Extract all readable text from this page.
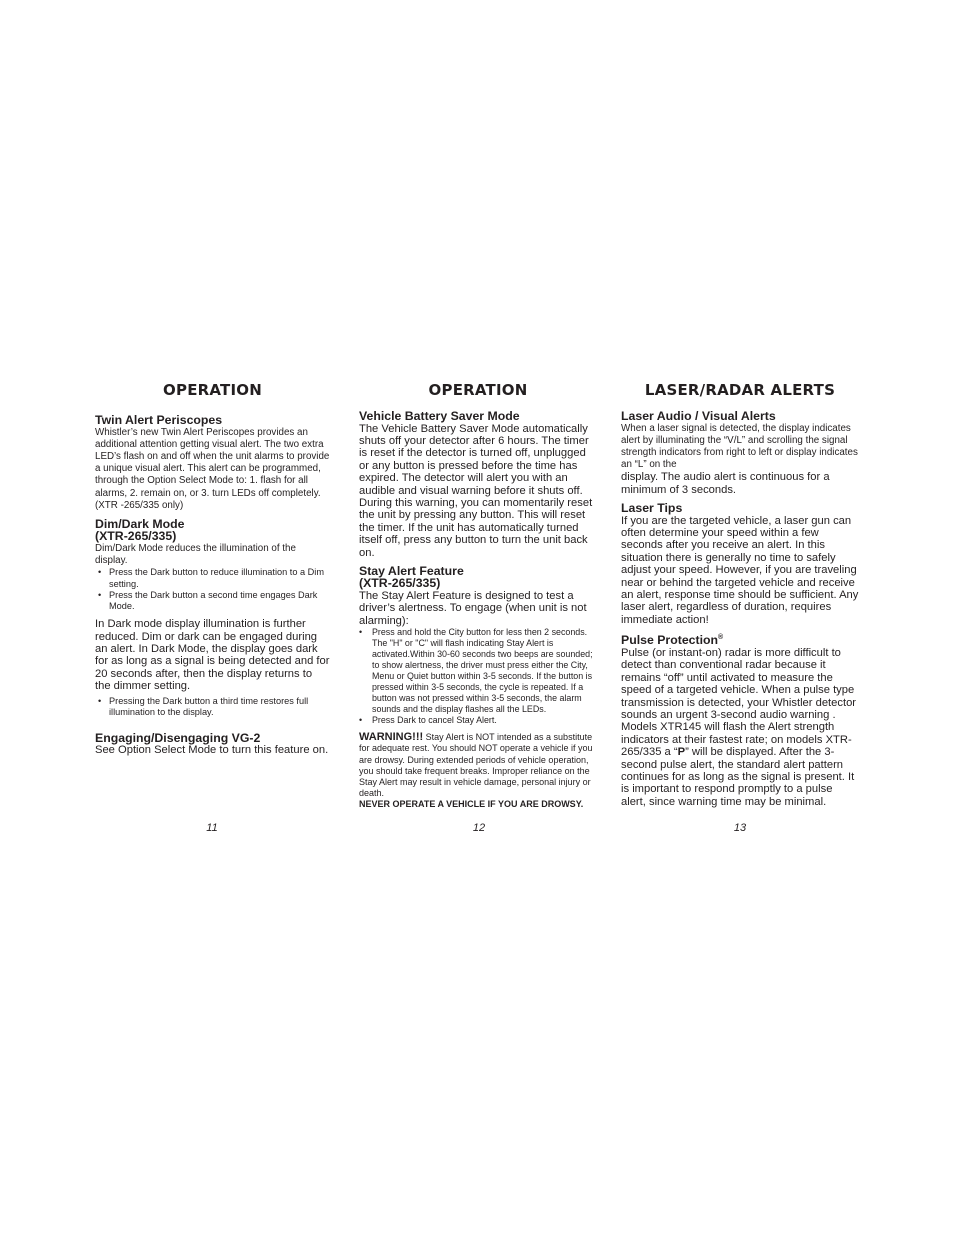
OPERATION
Twin Alert Periscopes
Whistler’s new Twin Alert Periscopes provides an additional attention getting visual alert. The two extra LED’s flash on and off when the unit alarms to provide a unique visual alert. This alert can be programmed, through the Option Select Mode to: 1. flash for all alarms, 2. remain on, or 3. turn LEDs off completely. (XTR -265/335 only)
Dim/Dark Mode
(XTR-265/335)
Dim/Dark Mode reduces the illumination of the display.
• Press the Dark button to reduce illumination to a Dim setting.
• Press the Dark button a second time engages Dark Mode.
In Dark mode display illumination is further reduced. Dim or dark can be engaged during an alert. In Dark Mode, the display goes dark for as long as a signal is being detected and for 20 seconds after, then the display returns to the dimmer setting.
• Pressing the Dark button a third time restores full illumination to the display.
Engaging/Disengaging VG-2
See Option Select Mode to turn this feature on.
11
OPERATION
Vehicle Battery Saver Mode
The Vehicle Battery Saver Mode automatically shuts off your detector after 6 hours. The timer is reset if the detector is turned off, unplugged or any button is pressed before the time has expired. The detector will alert you with an audible and visual warning before it shuts off. During this warning, you can momentarily reset the unit by pressing any button. This will reset the timer. If the unit has automatically turned itself off, press any button to turn the unit back on.
Stay Alert Feature
(XTR-265/335)
The Stay Alert Feature is designed to test a driver’s alertness. To engage (when unit is not alarming):
• Press and hold the City button for less then 2 seconds. The "H" or "C" will flash indicating Stay Alert is activated.Within 30-60 seconds two beeps are sounded; to show alertness, the driver must press either the City, Menu or Quiet button within 3-5 seconds. If the button is pressed within 3-5 seconds, the cycle is repeated. If a button was not pressed within 3-5 seconds, the alarm sounds and the display flashes all the LEDs.
• Press Dark to cancel Stay Alert.
WARNING!!! Stay Alert is NOT intended as a substitute for adequate rest. You should NOT operate a vehicle if you are drowsy. During extended periods of vehicle operation, you should take frequent breaks. Improper reliance on the Stay Alert may result in vehicle damage, personal injury or death.
NEVER OPERATE A VEHICLE IF YOU ARE DROWSY.
12
LASER/RADAR ALERTS
Laser Audio / Visual Alerts
When a laser signal is detected, the display indicates alert by illuminating the “V/L” and scrolling the signal strength indicators from right to left or display indicates an “L” on the
display. The audio alert is continuous for a minimum of 3 seconds.
Laser Tips
If you are the targeted vehicle, a laser gun can often determine your speed within a few seconds after you receive an alert. In this situation there is generally no time to safely adjust your speed. However, if you are traveling near or behind the targeted vehicle and receive an alert, response time should be sufficient. Any laser alert, regardless of duration, requires immediate action!
Pulse Protection®
Pulse (or instant-on) radar is more difficult to detect than conventional radar because it remains “off” until activated to measure the speed of a targeted vehicle. When a pulse type transmission is detected, your Whistler detector sounds an urgent 3-second audio warning . Models XTR145 will flash the Alert strength indicators at their fastest rate; on models XTR-265/335 a “P” will be displayed. After the 3-second pulse alert, the standard alert pattern continues for as long as the signal is present. It is important to respond promptly to a pulse alert, since warning time may be minimal.
13
